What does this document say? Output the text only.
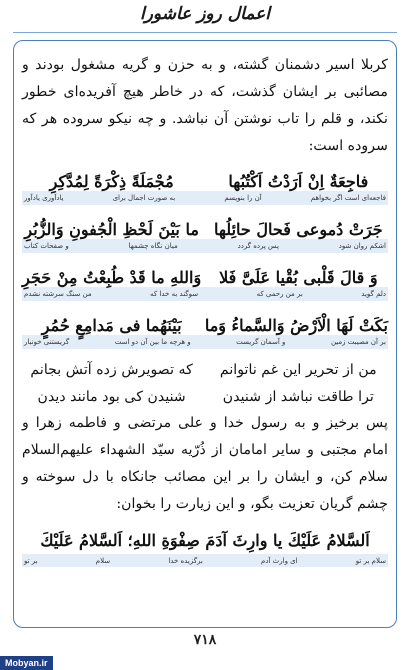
اعمال روز عاشورا

کربلا اسیر دشمنان گشته، و به حزن و گریه مشغول بودند و مصائبی بر ایشان گذشت، که در خاطر هیچ آفریده‌ای خطور نکند، و قلم را تاب نوشتن آن نباشد. و چه نیکو سروده هر که سروده است:

فاجِعَةٌ اِنْ اَرَدْتُ اَكْتُبُها
مُجْمَلَةً ذِكْرَةً لِمُدَّكِرِ
فاجعه‌ای است اگر بخواهم
آن را بنویسم
به صورت اجمال برای
یادآوری یادآور
جَرَتْ دُموعی فَحالَ حائِلُها
ما بَیْنَ لَحْظِ الْجُفونِ وَالزُّبُرِ
اشکم روان شود
پس پرده گردد
میان نگاه چشمها
و صفحات کتاب
وَ قالَ قَلْبی بُقْیا عَلَیَّ فَلا
وَاللهِ ما قَدْ طُبِعْتُ مِنْ حَجَرِ
دلم گوید
بر من رحمی که
سوگند به خدا که
من سنگ سرشته نشدم
بَكَتْ لَهَا الْاَرْضُ وَالسَّماءُ وَما
بَیْنَهُما فی مَدامِعٍ حُمُرٍ
بر آن مصیبت زمین
و آسمان گریست
و هرچه ما بین آن دو است
گریستنی خونبار
من از تحریر این غم ناتوانم
که تصویرش زده آتش بجانم
ترا طاقت نباشد از شنیدن
شنیدن کی بود مانند دیدن

پس برخیز و به رسول خدا و علی مرتضی و فاطمه زهرا و امام مجتبی و سایر امامان از ذُرّیه سیّد الشهداء علیهم‌السلام سلام کن، و ایشان را بر این مصائب جانکاه با دل سوخته و چشم گریان تعزیت بگو، و این زیارت را بخوان:

اَلسَّلامُ عَلَیْكَ یا وارِثَ آدَمَ صِفْوَةِ اللهِ؛ اَلسَّلامُ عَلَیْكَ
سلام بر تو
ای وارث آدم
برگزیده خدا
سلام
بر تو
۷۱۸
Mobyan.ir
